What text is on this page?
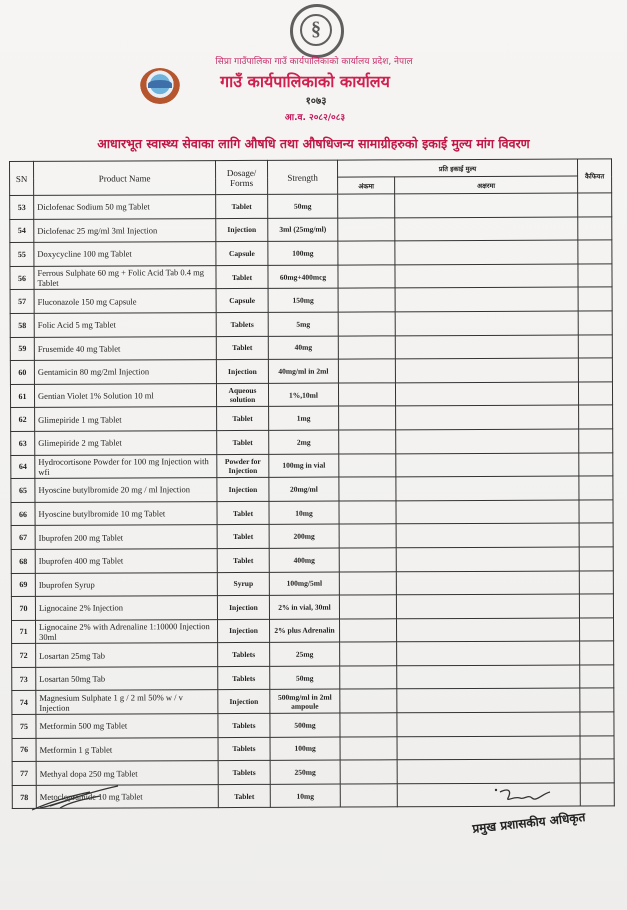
§
सिप्रा गाउँपालिका गाउँ कार्यपालिकाको कार्यालय प्रदेश, नेपाल
गाउँ कार्यपालिकाको कार्यालय
१०७३
आ.व. २०८२/०८३
आधारभूत स्वास्थ्य सेवाका लागि औषधि तथा औषधिजन्य सामाग्रीहरुको इकाई मुल्य मांग विवरण
SN	Product Name	Dosage/ Forms	Strength	प्रति इकाई मुल्य		कैफियत
				अंकमा	अक्षरमा	
53	Diclofenac Sodium 50 mg Tablet	Tablet	50mg			
54	Diclofenac 25 mg/ml 3ml Injection	Injection	3ml (25mg/ml)			
55	Doxycycline 100 mg Tablet	Capsule	100mg			
56	Ferrous Sulphate 60 mg + Folic Acid Tab 0.4 mg Tablet	Tablet	60mg+400mcg			
57	Fluconazole 150 mg Capsule	Capsule	150mg			
58	Folic Acid 5 mg Tablet	Tablets	5mg			
59	Frusemide 40 mg Tablet	Tablet	40mg			
60	Gentamicin 80 mg/2ml Injection	Injection	40mg/ml in 2ml			
61	Gentian Violet 1% Solution 10 ml	Aqueous solution	1%,10ml			
62	Glimepiride 1 mg Tablet	Tablet	1mg			
63	Glimepiride 2 mg Tablet	Tablet	2mg			
64	Hydrocortisone Powder for 100 mg Injection with wfi	Powder for Injection	100mg in vial			
65	Hyoscine butylbromide 20 mg / ml Injection	Injection	20mg/ml			
66	Hyoscine butylbromide 10 mg Tablet	Tablet	10mg			
67	Ibuprofen 200 mg Tablet	Tablet	200mg			
68	Ibuprofen 400 mg Tablet	Tablet	400mg			
69	Ibuprofen Syrup	Syrup	100mg/5ml			
70	Lignocaine 2% Injection	Injection	2% in vial, 30ml			
71	Lignocaine 2% with Adrenaline 1:10000 Injection 30ml	Injection	2% plus Adrenalin			
72	Losartan 25mg Tab	Tablets	25mg			
73	Losartan 50mg Tab	Tablets	50mg			
74	Magnesium Sulphate 1 g / 2 ml 50% w / v Injection	Injection	500mg/ml in 2ml ampoule			
75	Metformin 500 mg Tablet	Tablets	500mg			
76	Metformin 1 g Tablet	Tablets	100mg			
77	Methyal dopa 250 mg Tablet	Tablets	250mg			
78	Metoclopramide 10 mg Tablet	Tablet	10mg			
प्रमुख प्रशासकीय अधिकृत
